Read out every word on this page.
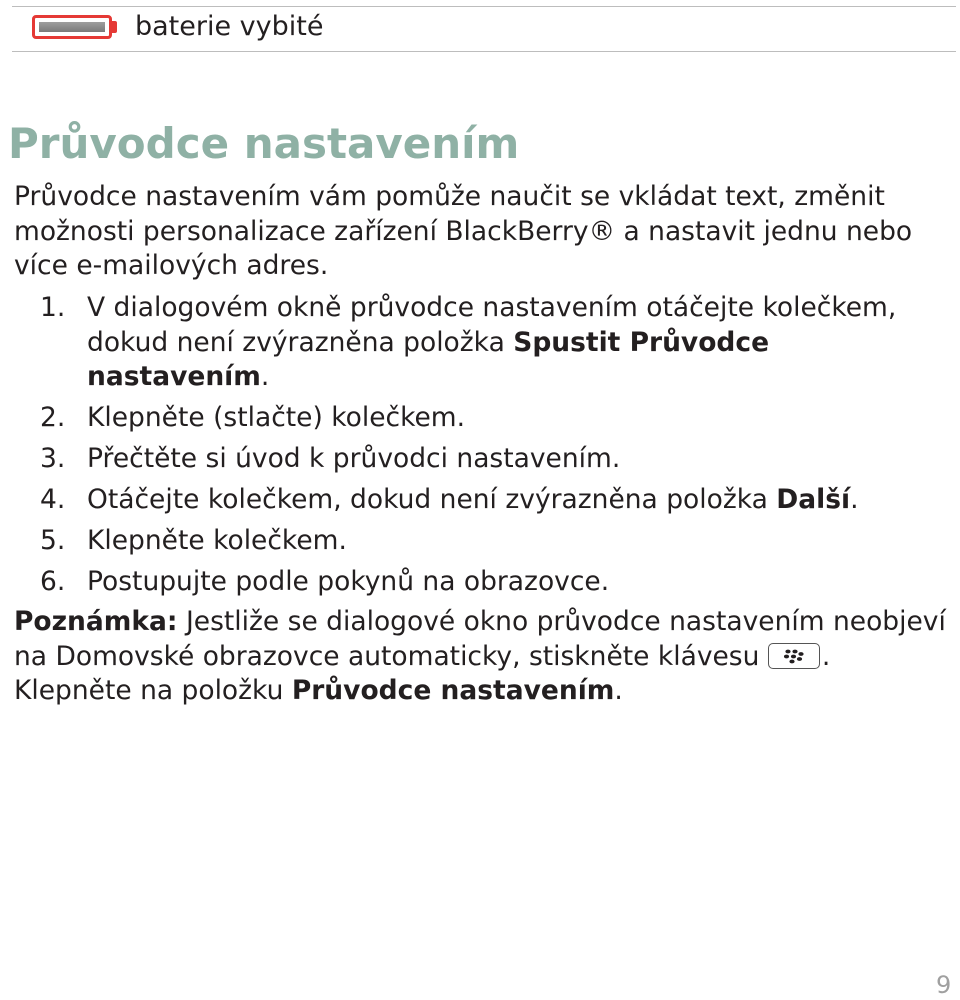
baterie vybité
Průvodce nastavením

Průvodce nastavením vám pomůže naučit se vkládat text, změnit možnosti personalizace zařízení BlackBerry® a nastavit jednu nebo více e-mailových adres.

1. V dialogovém okně průvodce nastavením otáčejte kolečkem, dokud není zvýrazněna položka Spustit Průvodce nastavením.
2. Klepněte (stlačte) kolečkem.
3. Přečtěte si úvod k průvodci nastavením.
4. Otáčejte kolečkem, dokud není zvýrazněna položka Další.
5. Klepněte kolečkem.
6. Postupujte podle pokynů na obrazovce.

Poznámka: Jestliže se dialogové okno průvodce nastavením neobjeví na Domovské obrazovce automaticky, stiskněte klávesu
. Klepněte na položku Průvodce nastavením.

9
